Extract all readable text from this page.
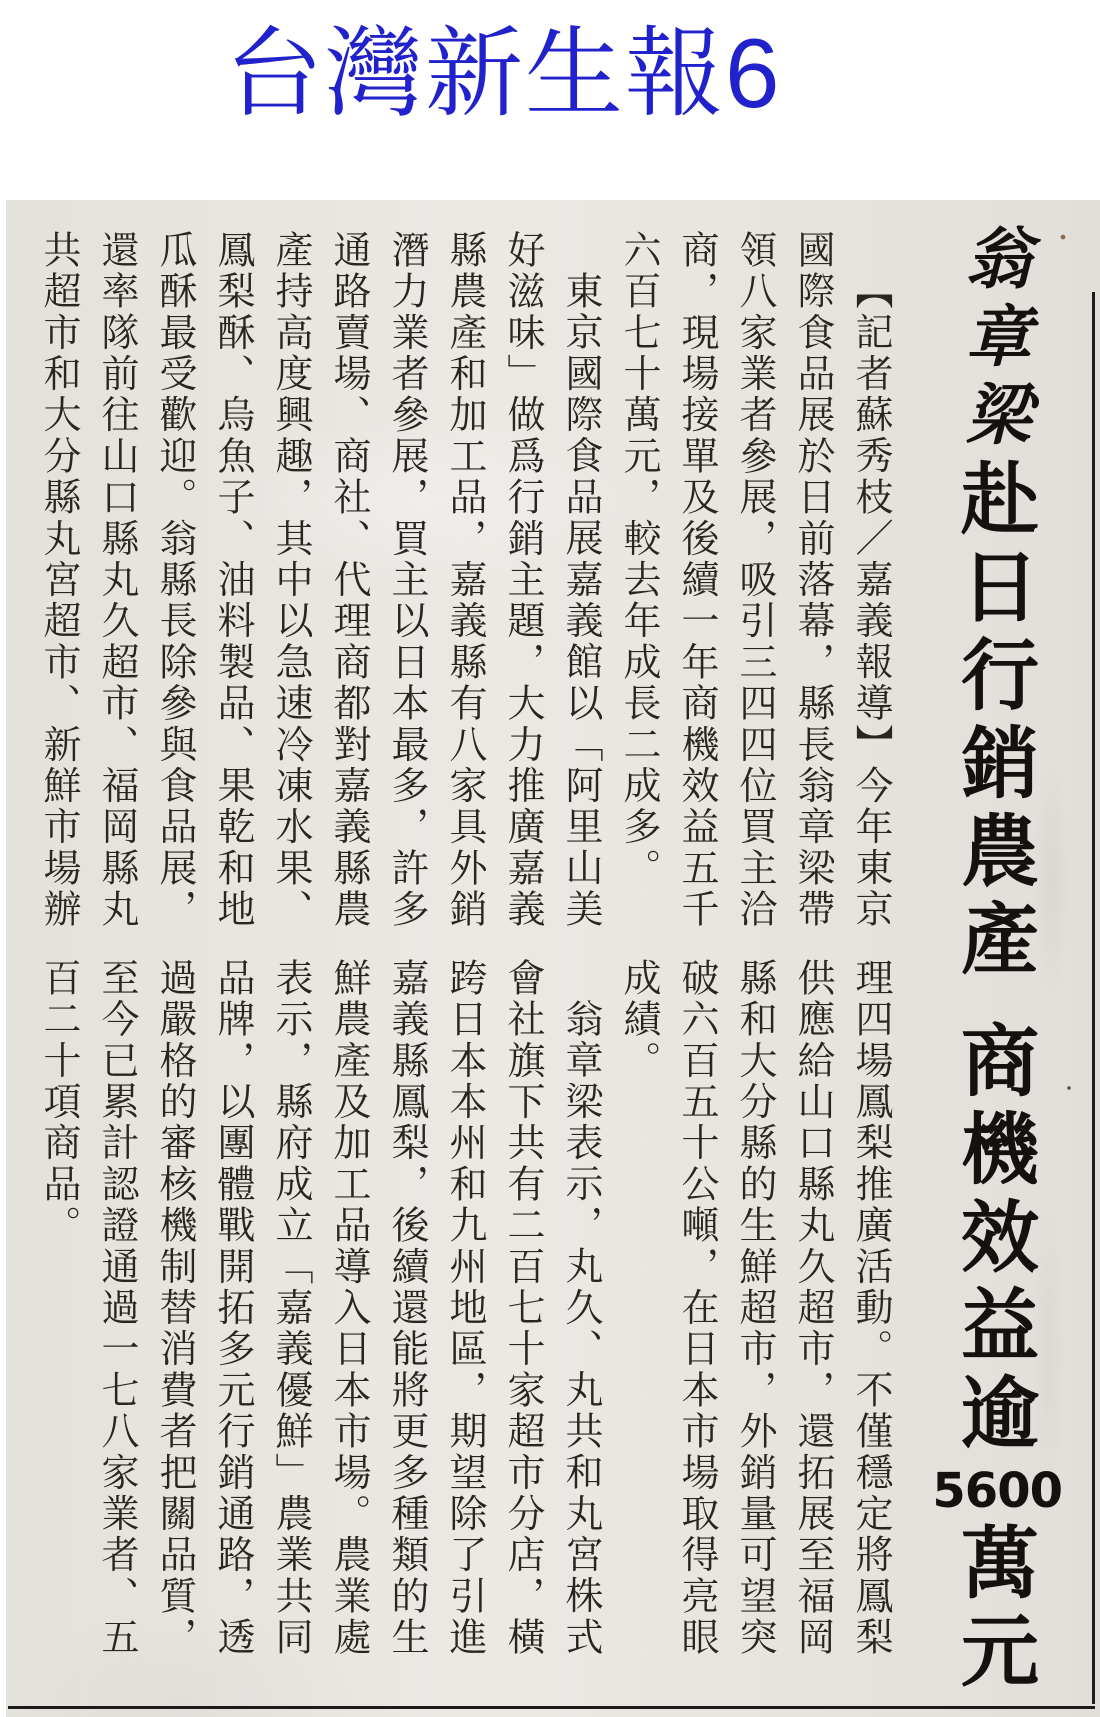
台灣新生報6
翁章梁赴日行銷農產商機效益逾5600萬元

【記者蘇秀枝／嘉義報導】今年東京國際食品展於日前落幕，縣長翁章梁帶領八家業者參展，吸引三四四位買主洽商，現場接單及後續一年商機效益五千六百七十萬元，較去年成長二成多。

東京國際食品展嘉義館以「阿里山美好滋味」做爲行銷主題，大力推廣嘉義縣農產和加工品，嘉義縣有八家具外銷潛力業者參展，買主以日本最多，許多通路賣場、商社、代理商都對嘉義縣農產持高度興趣，其中以急速冷凍水果、鳳梨酥、烏魚子、油料製品、果乾和地瓜酥最受歡迎。翁縣長除參與食品展，還率隊前往山口縣丸久超市、福岡縣丸共超市和大分縣丸宮超市、新鮮市場辦

理四場鳳梨推廣活動。不僅穩定將鳳梨供應給山口縣丸久超市，還拓展至福岡縣和大分縣的生鮮超市，外銷量可望突破六百五十公噸，在日本市場取得亮眼成績。

翁章梁表示，丸久、丸共和丸宮株式會社旗下共有二百七十家超市分店，橫跨日本本州和九州地區，期望除了引進嘉義縣鳳梨，後續還能將更多種類的生鮮農產及加工品導入日本市場。農業處表示，縣府成立「嘉義優鮮」農業共同品牌，以團體戰開拓多元行銷通路，透過嚴格的審核機制替消費者把關品質，至今已累計認證通過一七八家業者、五百二十項商品。
